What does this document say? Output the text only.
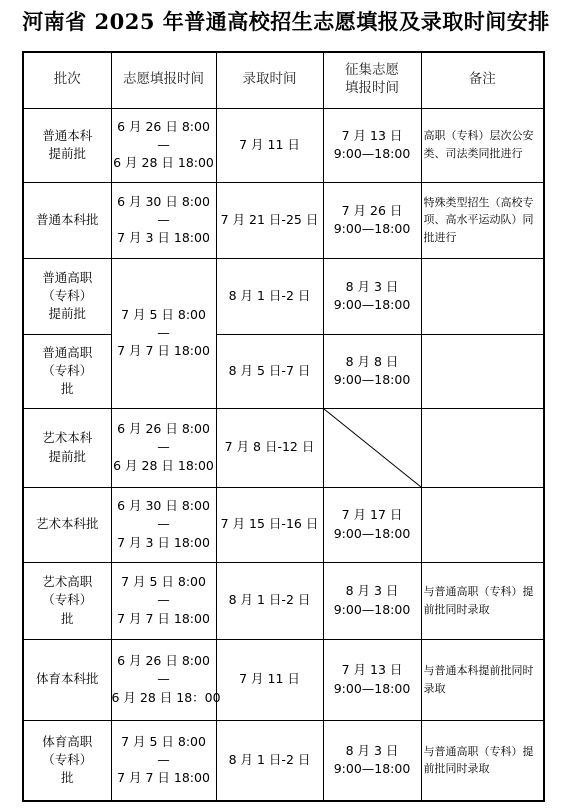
河南省 2025 年普通高校招生志愿填报及录取时间安排
批次	志愿填报时间	录取时间	征集志愿填报时间	备注
普通本科提前批	6 月 26 日 8:00
—
6 月 28 日 18:00	7 月 11 日	7 月 13 日
9:00—18:00	高职（专科）层次公安类、司法类同批进行
普通本科批	6 月 30 日 8:00
—
7 月 3 日 18:00	7 月 21 日-25 日	7 月 26 日
9:00—18:00	特殊类型招生（高校专项、高水平运动队）同批进行
普通高职（专科）提前批	7 月 5 日 8:00
—
7 月 7 日 18:00	8 月 1 日-2 日	8 月 3 日
9:00—18:00	

普通高职（专科）批		8 月 5 日-7 日	8 月 8 日
9:00—18:00	

艺术本科提前批	6 月 26 日 8:00
—
6 月 28 日 18:00	7 月 8 日-12 日	

艺术本科批	6 月 30 日 8:00
—
7 月 3 日 18:00	7 月 15 日-16 日	7 月 17 日
9:00—18:00	

艺术高职（专科）批	7 月 5 日 8:00
—
7 月 7 日 18:00	8 月 1 日-2 日	8 月 3 日
9:00—18:00	与普通高职（专科）提前批同时录取
体育本科批	6 月 26 日 8:00
—
6 月 28 日 18：00	7 月 11 日	7 月 13 日
9:00—18:00	与普通本科提前批同时录取
体育高职（专科）批	7 月 5 日 8:00
—
7 月 7 日 18:00	8 月 1 日-2 日	8 月 3 日
9:00—18:00	与普通高职（专科）提前批同时录取
